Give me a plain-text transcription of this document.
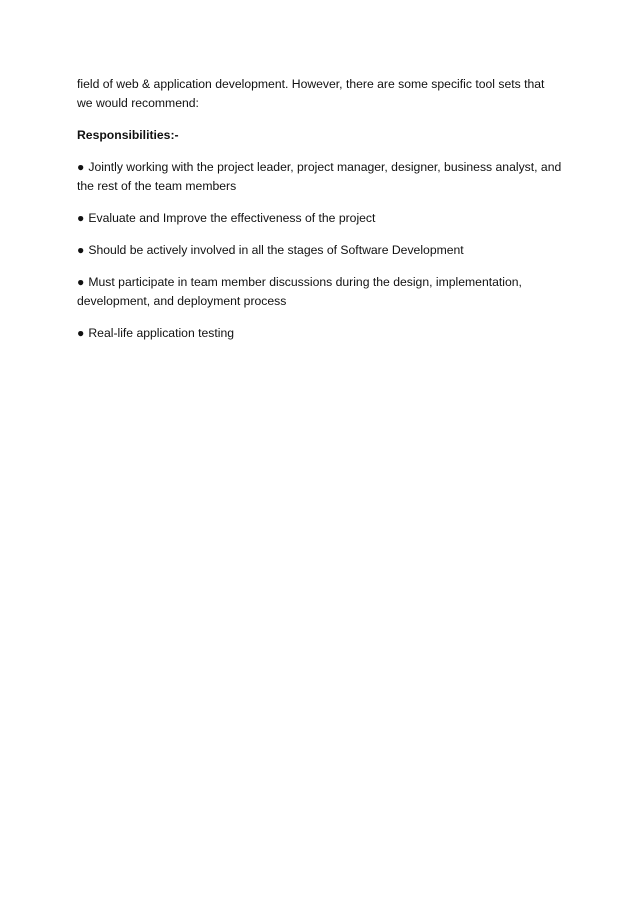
field of web & application development. However, there are some specific tool sets that we would recommend:

Responsibilities:-

● Jointly working with the project leader, project manager, designer, business analyst, and the rest of the team members

● Evaluate and Improve the effectiveness of the project

● Should be actively involved in all the stages of Software Development

● Must participate in team member discussions during the design, implementation, development, and deployment process

● Real-life application testing
